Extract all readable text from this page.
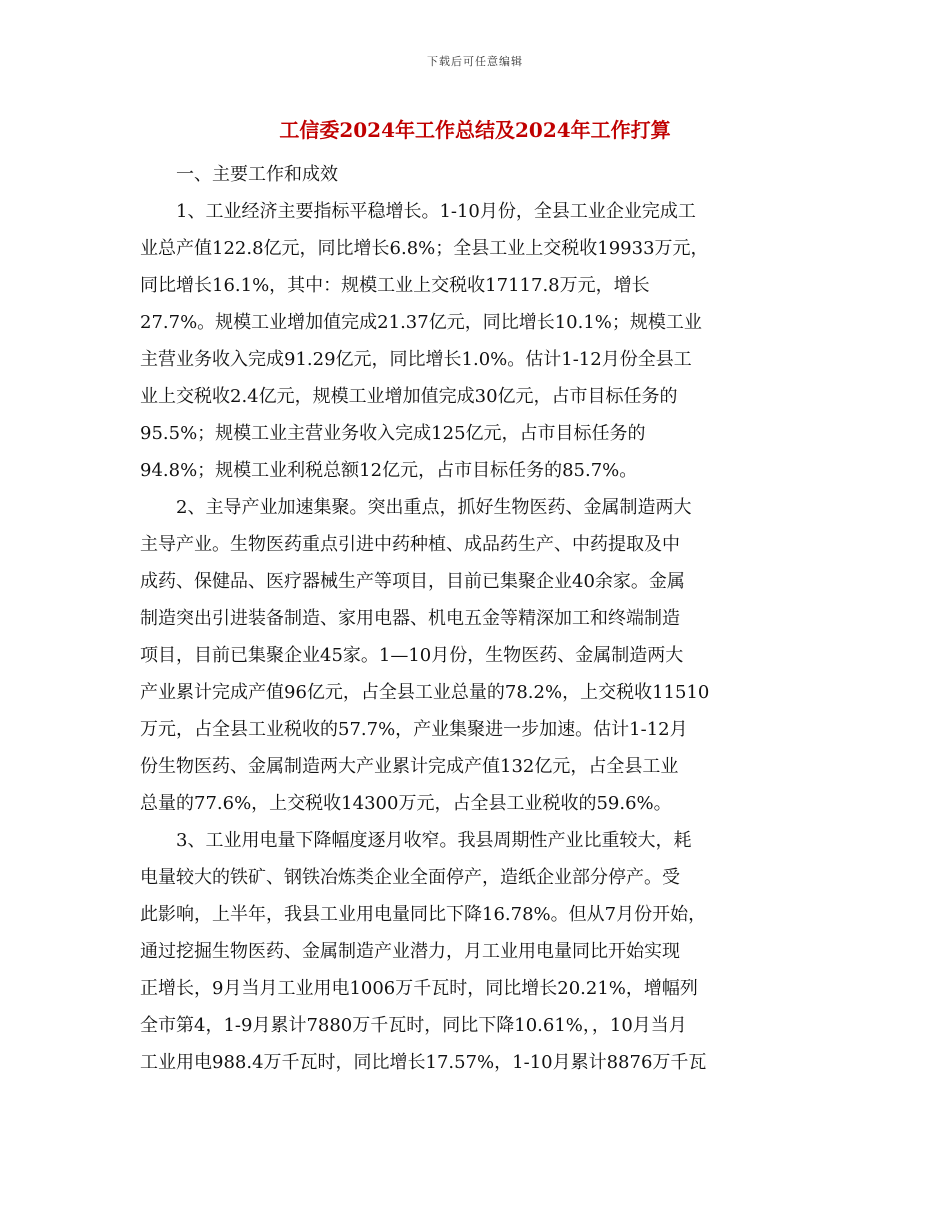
下载后可任意编辑
工信委2024年工作总结及2024年工作打算
　　一、主要工作和成效
　　1、工业经济主要指标平稳增长。1-10月份，全县工业企业完成工
业总产值122.8亿元，同比增长6.8%；全县工业上交税收19933万元，
同比增长16.1%，其中：规模工业上交税收17117.8万元，增长
27.7%。规模工业增加值完成21.37亿元，同比增长10.1%；规模工业
主营业务收入完成91.29亿元，同比增长1.0%。估计1-12月份全县工
业上交税收2.4亿元，规模工业增加值完成30亿元，占市目标任务的
95.5%；规模工业主营业务收入完成125亿元，占市目标任务的
94.8%；规模工业利税总额12亿元，占市目标任务的85.7%。
　　2、主导产业加速集聚。突出重点，抓好生物医药、金属制造两大
主导产业。生物医药重点引进中药种植、成品药生产、中药提取及中
成药、保健品、医疗器械生产等项目，目前已集聚企业40余家。金属
制造突出引进装备制造、家用电器、机电五金等精深加工和终端制造
项目，目前已集聚企业45家。1—10月份，生物医药、金属制造两大
产业累计完成产值96亿元，占全县工业总量的78.2%，上交税收11510
万元，占全县工业税收的57.7%，产业集聚进一步加速。估计1-12月
份生物医药、金属制造两大产业累计完成产值132亿元，占全县工业
总量的77.6%，上交税收14300万元，占全县工业税收的59.6%。
　　3、工业用电量下降幅度逐月收窄。我县周期性产业比重较大，耗
电量较大的铁矿、钢铁冶炼类企业全面停产，造纸企业部分停产。受
此影响，上半年，我县工业用电量同比下降16.78%。但从7月份开始，
通过挖掘生物医药、金属制造产业潜力，月工业用电量同比开始实现
正增长，9月当月工业用电1006万千瓦时，同比增长20.21%，增幅列
全市第4，1-9月累计7880万千瓦时，同比下降10.61%，，10月当月
工业用电988.4万千瓦时，同比增长17.57%，1-10月累计8876万千瓦
